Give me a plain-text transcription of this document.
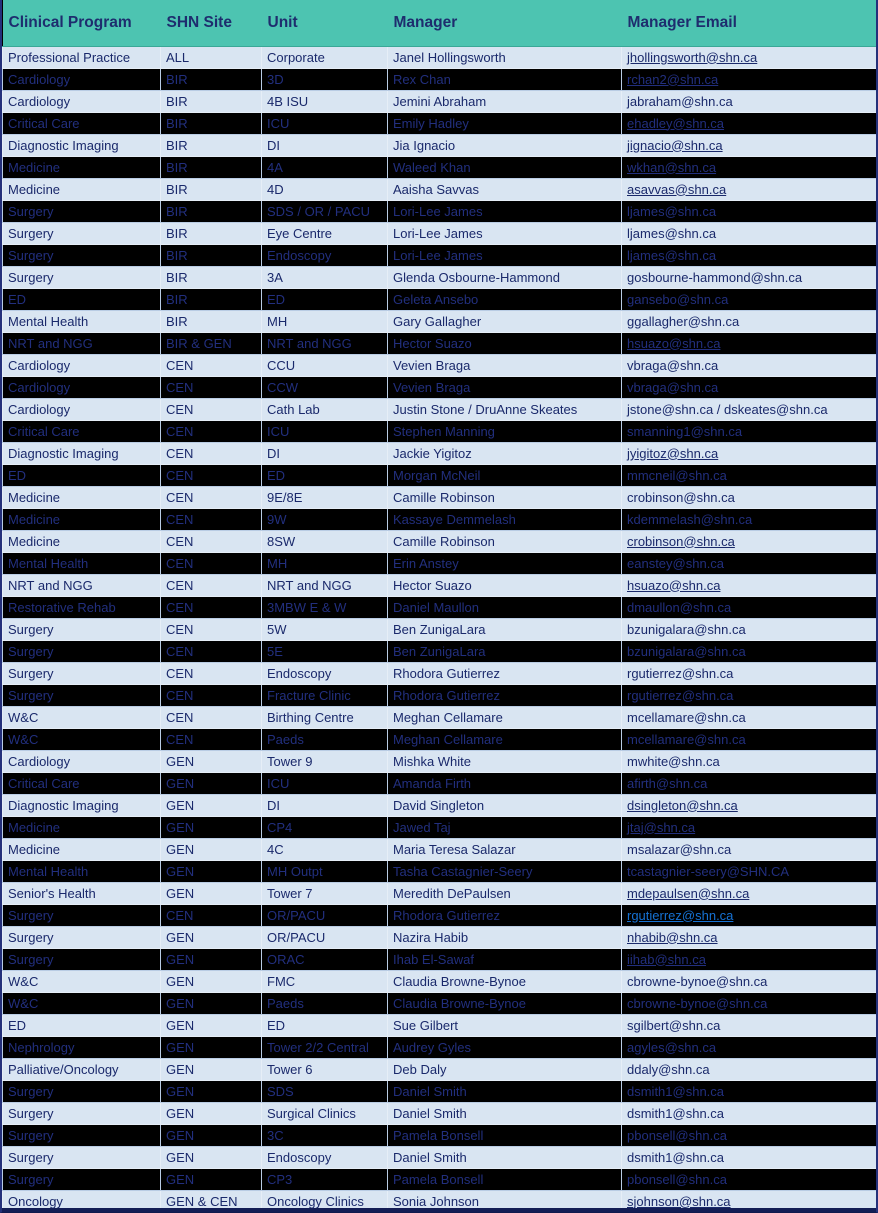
Clinical Program	SHN Site	Unit	Manager	Manager Email
Professional Practice	ALL	Corporate	Janel Hollingsworth	jhollingsworth@shn.ca
Cardiology	BIR	3D	Rex Chan	rchan2@shn.ca
Cardiology	BIR	4B ISU	Jemini Abraham	jabraham@shn.ca
Critical Care	BIR	ICU	Emily Hadley	ehadley@shn.ca
Diagnostic Imaging	BIR	DI	Jia Ignacio	jignacio@shn.ca
Medicine	BIR	4A	Waleed Khan	wkhan@shn.ca
Medicine	BIR	4D	Aaisha Savvas	asavvas@shn.ca
Surgery	BIR	SDS / OR / PACU	Lori-Lee James	ljames@shn.ca
Surgery	BIR	Eye Centre	Lori-Lee James	ljames@shn.ca
Surgery	BIR	Endoscopy	Lori-Lee James	ljames@shn.ca
Surgery	BIR	3A	Glenda Osbourne-Hammond	gosbourne-hammond@shn.ca
ED	BIR	ED	Geleta Ansebo	gansebo@shn.ca
Mental Health	BIR	MH	Gary Gallagher	ggallagher@shn.ca
NRT and NGG	BIR & GEN	NRT and NGG	Hector Suazo	hsuazo@shn.ca
Cardiology	CEN	CCU	Vevien Braga	vbraga@shn.ca
Cardiology	CEN	CCW	Vevien Braga	vbraga@shn.ca
Cardiology	CEN	Cath Lab	Justin Stone / DruAnne Skeates	jstone@shn.ca / dskeates@shn.ca
Critical Care	CEN	ICU	Stephen Manning	smanning1@shn.ca
Diagnostic Imaging	CEN	DI	Jackie Yigitoz	jyigitoz@shn.ca
ED	CEN	ED	Morgan McNeil	mmcneil@shn.ca
Medicine	CEN	9E/8E	Camille Robinson	crobinson@shn.ca
Medicine	CEN	9W	Kassaye Demmelash	kdemmelash@shn.ca
Medicine	CEN	8SW	Camille Robinson	crobinson@shn.ca
Mental Health	CEN	MH	Erin Anstey	eanstey@shn.ca
NRT and NGG	CEN	NRT and NGG	Hector Suazo	hsuazo@shn.ca
Restorative Rehab	CEN	3MBW E & W	Daniel Maullon	dmaullon@shn.ca
Surgery	CEN	5W	Ben ZunigaLara	bzunigalara@shn.ca
Surgery	CEN	5E	Ben ZunigaLara	bzunigalara@shn.ca
Surgery	CEN	Endoscopy	Rhodora Gutierrez	rgutierrez@shn.ca
Surgery	CEN	Fracture Clinic	Rhodora Gutierrez	rgutierrez@shn.ca
W&C	CEN	Birthing Centre	Meghan Cellamare	mcellamare@shn.ca
W&C	CEN	Paeds	Meghan Cellamare	mcellamare@shn.ca
Cardiology	GEN	Tower 9	Mishka White	mwhite@shn.ca
Critical Care	GEN	ICU	Amanda Firth	afirth@shn.ca
Diagnostic Imaging	GEN	DI	David Singleton	dsingleton@shn.ca
Medicine	GEN	CP4	Jawed Taj	jtaj@shn.ca
Medicine	GEN	4C	Maria Teresa Salazar	msalazar@shn.ca
Mental Health	GEN	MH Outpt	Tasha Castagnier-Seery	tcastagnier-seery@SHN.CA
Senior's Health	GEN	Tower 7	Meredith DePaulsen	mdepaulsen@shn.ca
Surgery	CEN	OR/PACU	Rhodora Gutierrez	rgutierrez@shn.ca
Surgery	GEN	OR/PACU	Nazira Habib	nhabib@shn.ca
Surgery	GEN	ORAC	Ihab El-Sawaf	iihab@shn.ca
W&C	GEN	FMC	Claudia Browne-Bynoe	cbrowne-bynoe@shn.ca
W&C	GEN	Paeds	Claudia Browne-Bynoe	cbrowne-bynoe@shn.ca
ED	GEN	ED	Sue Gilbert	sgilbert@shn.ca
Nephrology	GEN	Tower 2/2 Central	Audrey Gyles	agyles@shn.ca
Palliative/Oncology	GEN	Tower 6	Deb Daly	ddaly@shn.ca
Surgery	GEN	SDS	Daniel Smith	dsmith1@shn.ca
Surgery	GEN	Surgical Clinics	Daniel Smith	dsmith1@shn.ca
Surgery	GEN	3C	Pamela Bonsell	pbonsell@shn.ca
Surgery	GEN	Endoscopy	Daniel Smith	dsmith1@shn.ca
Surgery	GEN	CP3	Pamela Bonsell	pbonsell@shn.ca
Oncology	GEN & CEN	Oncology Clinics	Sonia Johnson	sjohnson@shn.ca
